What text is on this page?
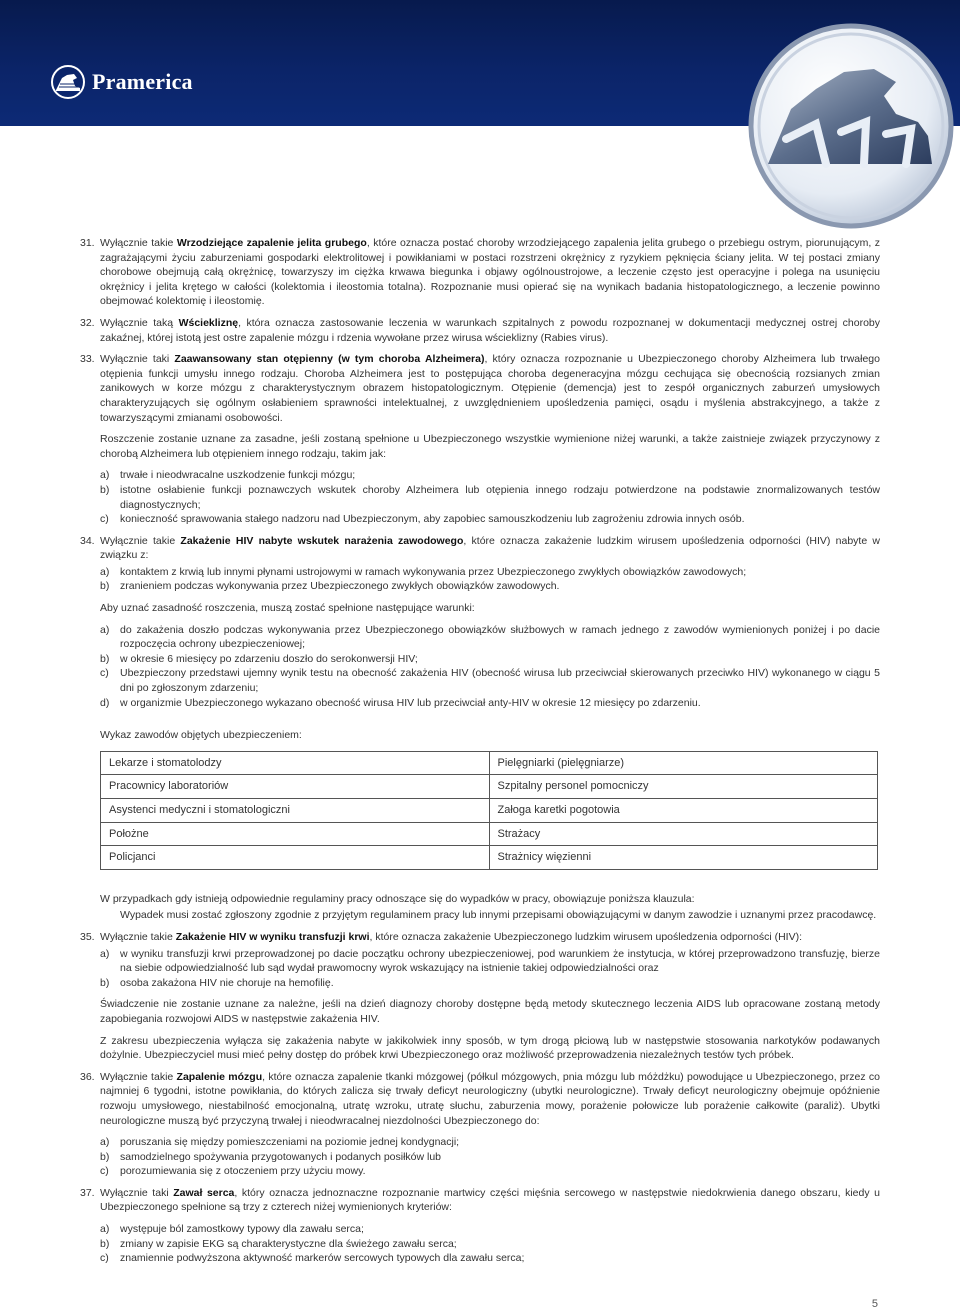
Pramerica

31. Wyłącznie takie Wrzodziejące zapalenie jelita grubego, które oznacza postać choroby wrzodziejącego zapalenia jelita grubego o przebiegu ostrym, piorunującym, z zagrażającymi życiu zaburzeniami gospodarki elektrolitowej i powikłaniami w postaci rozstrzeni okrężnicy z ryzykiem pęknięcia ściany jelita. W tej postaci zmiany chorobowe obejmują całą okrężnicę, towarzyszy im ciężka krwawa biegunka i objawy ogólnoustrojowe, a leczenie często jest operacyjne i polega na usunięciu okrężnicy i jelita krętego w całości (kolektomia i ileostomia totalna). Rozpoznanie musi opierać się na wynikach badania histopatologicznego, a leczenie powinno obejmować kolektomię i ileostomię.

32. Wyłącznie taką Wściekliznę, która oznacza zastosowanie leczenia w warunkach szpitalnych z powodu rozpoznanej w dokumentacji medycznej ostrej choroby zakaźnej, której istotą jest ostre zapalenie mózgu i rdzenia wywołane przez wirusa wścieklizny (Rabies virus).

33. Wyłącznie taki Zaawansowany stan otępienny (w tym choroba Alzheimera), który oznacza rozpoznanie u Ubezpieczonego choroby Alzheimera lub trwałego otępienia funkcji umysłu innego rodzaju. Choroba Alzheimera jest to postępująca choroba degeneracyjna mózgu cechująca się obecnością rozsianych zmian zanikowych w korze mózgu z charakterystycznym obrazem histopatologicznym. Otępienie (demencja) jest to zespół organicznych zaburzeń umysłowych charakteryzujących się ogólnym osłabieniem sprawności intelektualnej, z uwzględnieniem upośledzenia pamięci, osądu i myślenia abstrakcyjnego, a także z towarzyszącymi zmianami osobowości.

Roszczenie zostanie uznane za zasadne, jeśli zostaną spełnione u Ubezpieczonego wszystkie wymienione niżej warunki, a także zaistnieje związek przyczynowy z chorobą Alzheimera lub otępieniem innego rodzaju, takim jak:

a) trwałe i nieodwracalne uszkodzenie funkcji mózgu;

b) istotne osłabienie funkcji poznawczych wskutek choroby Alzheimera lub otępienia innego rodzaju potwierdzone na podstawie znormalizowanych testów diagnostycznych;

c) konieczność sprawowania stałego nadzoru nad Ubezpieczonym, aby zapobiec samouszkodzeniu lub zagrożeniu zdrowia innych osób.

34. Wyłącznie takie Zakażenie HIV nabyte wskutek narażenia zawodowego, które oznacza zakażenie ludzkim wirusem upośledzenia odporności (HIV) nabyte w związku z:

a) kontaktem z krwią lub innymi płynami ustrojowymi w ramach wykonywania przez Ubezpieczonego zwykłych obowiązków zawodowych;

b) zranieniem podczas wykonywania przez Ubezpieczonego zwykłych obowiązków zawodowych.

Aby uznać zasadność roszczenia, muszą zostać spełnione następujące warunki:

a) do zakażenia doszło podczas wykonywania przez Ubezpieczonego obowiązków służbowych w ramach jednego z zawodów wymienionych poniżej i po dacie rozpoczęcia ochrony ubezpieczeniowej;

b) w okresie 6 miesięcy po zdarzeniu doszło do serokonwersji HIV;

c) Ubezpieczony przedstawi ujemny wynik testu na obecność zakażenia HIV (obecność wirusa lub przeciwciał skierowanych przeciwko HIV) wykonanego w ciągu 5 dni po zgłoszonym zdarzeniu;

d) w organizmie Ubezpieczonego wykazano obecność wirusa HIV lub przeciwciał anty-HIV w okresie 12 miesięcy po zdarzeniu.

Wykaz zawodów objętych ubezpieczeniem:

Lekarze i stomatolodzy	Pielęgniarki (pielęgniarze)
Pracownicy laboratoriów	Szpitalny personel pomocniczy
Asystenci medyczni i stomatologiczni	Załoga karetki pogotowia
Położne	Strażacy
Policjanci	Strażnicy więzienni

W przypadkach gdy istnieją odpowiednie regulaminy pracy odnoszące się do wypadków w pracy, obowiązuje poniższa klauzula:

Wypadek musi zostać zgłoszony zgodnie z przyjętym regulaminem pracy lub innymi przepisami obowiązującymi w danym zawodzie i uznanymi przez pracodawcę.

35. Wyłącznie takie Zakażenie HIV w wyniku transfuzji krwi, które oznacza zakażenie Ubezpieczonego ludzkim wirusem upośledzenia odporności (HIV):

a) w wyniku transfuzji krwi przeprowadzonej po dacie początku ochrony ubezpieczeniowej, pod warunkiem że instytucja, w której przeprowadzono transfuzję, bierze na siebie odpowiedzialność lub sąd wydał prawomocny wyrok wskazujący na istnienie takiej odpowiedzialności oraz

b) osoba zakażona HIV nie choruje na hemofilię.

Świadczenie nie zostanie uznane za należne, jeśli na dzień diagnozy choroby dostępne będą metody skutecznego leczenia AIDS lub opracowane zostaną metody zapobiegania rozwojowi AIDS w następstwie zakażenia HIV.

Z zakresu ubezpieczenia wyłącza się zakażenia nabyte w jakikolwiek inny sposób, w tym drogą płciową lub w następstwie stosowania narkotyków podawanych dożylnie. Ubezpieczyciel musi mieć pełny dostęp do próbek krwi Ubezpieczonego oraz możliwość przeprowadzenia niezależnych testów tych próbek.

36. Wyłącznie takie Zapalenie mózgu, które oznacza zapalenie tkanki mózgowej (półkul mózgowych, pnia mózgu lub móżdżku) powodujące u Ubezpieczonego, przez co najmniej 6 tygodni, istotne powikłania, do których zalicza się trwały deficyt neurologiczny (ubytki neurologiczne). Trwały deficyt neurologiczny obejmuje opóźnienie rozwoju umysłowego, niestabilność emocjonalną, utratę wzroku, utratę słuchu, zaburzenia mowy, porażenie połowicze lub porażenie całkowite (paraliż). Ubytki neurologiczne muszą być przyczyną trwałej i nieodwracalnej niezdolności Ubezpieczonego do:

a) poruszania się między pomieszczeniami na poziomie jednej kondygnacji;

b) samodzielnego spożywania przygotowanych i podanych posiłków lub

c) porozumiewania się z otoczeniem przy użyciu mowy.

37. Wyłącznie taki Zawał serca, który oznacza jednoznaczne rozpoznanie martwicy części mięśnia sercowego w następstwie niedokrwienia danego obszaru, kiedy u Ubezpieczonego spełnione są trzy z czterech niżej wymienionych kryteriów:

a) występuje ból zamostkowy typowy dla zawału serca;

b) zmiany w zapisie EKG są charakterystyczne dla świeżego zawału serca;

c) znamiennie podwyższona aktywność markerów sercowych typowych dla zawału serca;

5
